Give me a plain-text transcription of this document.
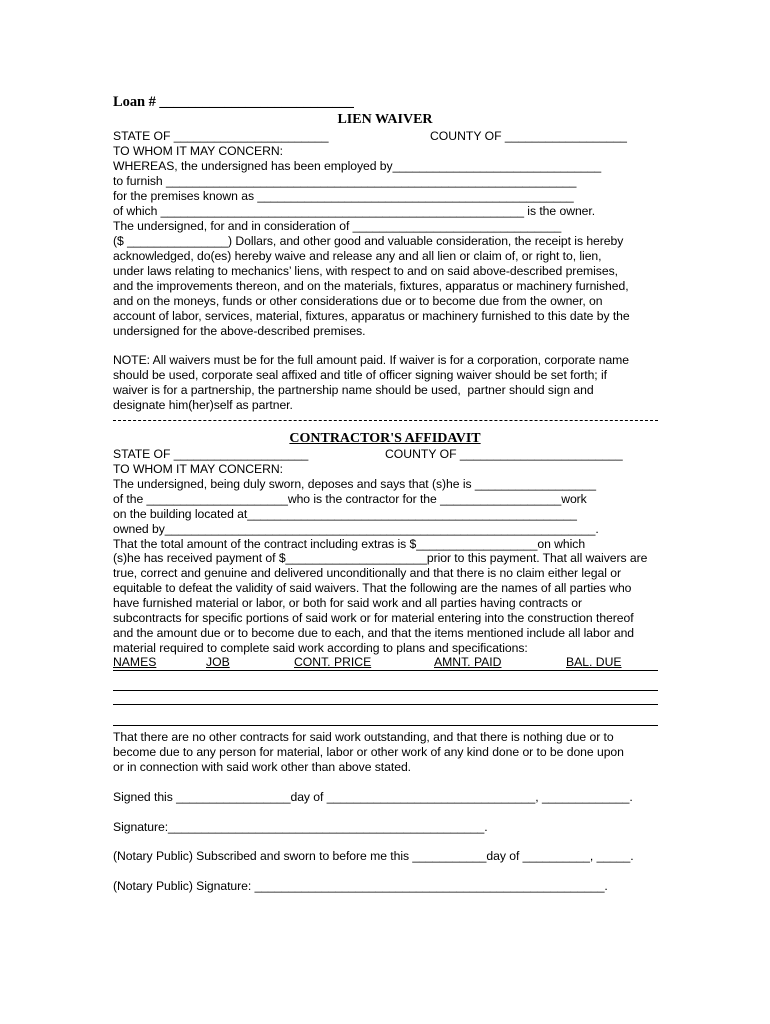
Loan # ___________________________
LIEN WAIVER
STATE OF _______________________	COUNTY OF __________________
TO WHOM IT MAY CONCERN:
WHEREAS, the undersigned has been employed by_______________________________
to furnish _____________________________________________________________
for the premises known as _______________________________________________
of which ______________________________________________________ is the owner.
The undersigned, for and in consideration of _______________________________
($ _______________) Dollars, and other good and valuable consideration, the receipt is hereby
acknowledged, do(es) hereby waive and release any and all lien or claim of, or right to, lien,
under laws relating to mechanics’ liens, with respect to and on said above-described premises,
and the improvements thereon, and on the materials, fixtures, apparatus or machinery furnished,
and on the moneys, funds or other considerations due or to become due from the owner, on
account of labor, services, material, fixtures, apparatus or machinery furnished to this date by the
undersigned for the above-described premises.
NOTE: All waivers must be for the full amount paid. If waiver is for a corporation, corporate name
should be used, corporate seal affixed and title of officer signing waiver should be set forth; if
waiver is for a partnership, the partnership name should be used,  partner should sign and
designate him(her)self as partner.
CONTRACTOR'S AFFIDAVIT
STATE OF ____________________	COUNTY OF ________________________
TO WHOM IT MAY CONCERN:
The undersigned, being duly sworn, deposes and says that (s)he is __________________
of the _____________________who is the contractor for the __________________work
on the building located at_________________________________________________
owned by________________________________________________________________.
That the total amount of the contract including extras is $__________________on which
(s)he has received payment of $_____________________prior to this payment. That all waivers are
true, correct and genuine and delivered unconditionally and that there is no claim either legal or
equitable to defeat the validity of said waivers. That the following are the names of all parties who
have furnished material or labor, or both for said work and all parties having contracts or
subcontracts for specific portions of said work or for material entering into the construction thereof
and the amount due or to become due to each, and that the items mentioned include all labor and
material required to complete said work according to plans and specifications:
NAMES	JOB	CONT. PRICE	AMNT. PAID	BAL. DUE
That there are no other contracts for said work outstanding, and that there is nothing due or to
become due to any person for material, labor or other work of any kind done or to be done upon
or in connection with said work other than above stated.
Signed this _________________day of _______________________________, _____________.
Signature:_______________________________________________.
(Notary Public) Subscribed and sworn to before me this ___________day of __________, _____.
(Notary Public) Signature: ____________________________________________________.
